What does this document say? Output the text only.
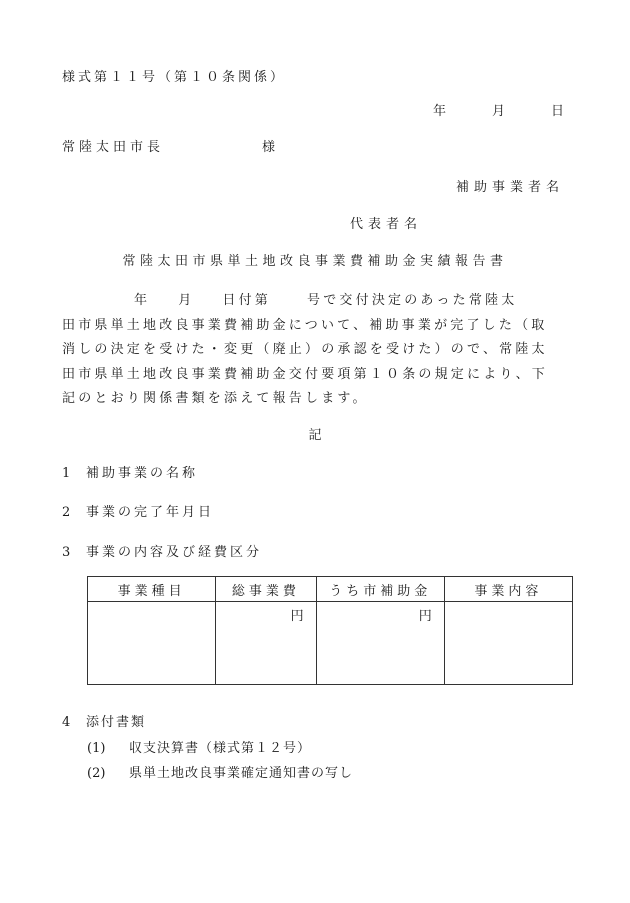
様式第１１号（第１０条関係）
年	月	日
常陸太田市長	様
補助事業者名
代表者名
常陸太田市県単土地改良事業費補助金実績報告書

年 月 日付第	号で交付決定のあった常陸太

田市県単土地改良事業費補助金について、補助事業が完了した（取

消しの決定を受けた・変更（廃止）の承認を受けた）ので、常陸太

田市県単土地改良事業費補助金交付要項第１０条の規定により、下

記のとおり関係書類を添えて報告します。

記
1 補助事業の名称
2 事業の完了年月日
3 事業の内容及び経費区分
事業種目	総事業費	うち市補助金	事業内容
	円	円	
4 添付書類
(1) 収支決算書（様式第１２号）
(2) 県単土地改良事業確定通知書の写し
